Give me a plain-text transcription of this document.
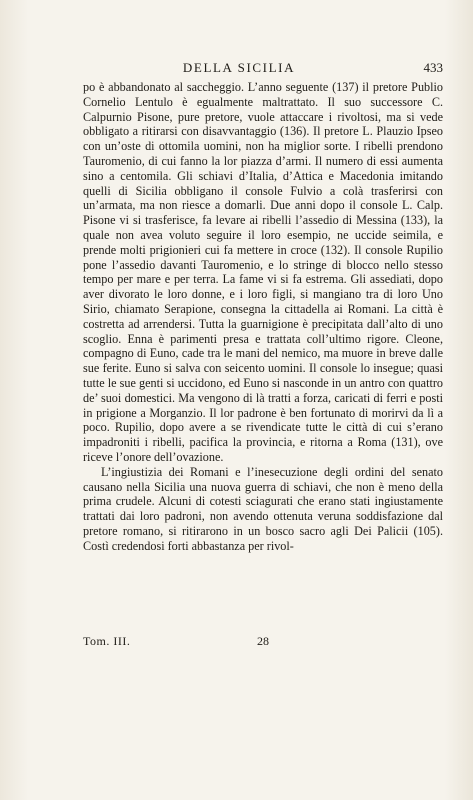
DELLA SICILIA	433

po è abbandonato al saccheggio. L’anno seguente (137) il pretore Publio Cornelio Lentulo è egualmente maltrattato. Il suo successore C. Calpurnio Pisone, pure pretore, vuole attaccare i rivoltosi, ma si vede obbligato a ritirarsi con disavvantaggio (136). Il pretore L. Plauzio Ipseo con un’oste di ottomila uomini, non ha miglior sorte. I ribelli prendono Tauromenio, di cui fanno la lor piazza d’armi. Il numero di essi aumenta sino a centomila. Gli schiavi d’Italia, d’Attica e Macedonia imitando quelli di Sicilia obbligano il console Fulvio a colà trasferirsi con un’armata, ma non riesce a domarli. Due anni dopo il console L. Calp. Pisone vi si trasferisce, fa levare ai ribelli l’assedio di Messina (133), la quale non avea voluto seguire il loro esempio, ne uccide seimila, e prende molti prigionieri cui fa mettere in croce (132). Il console Rupilio pone l’assedio davanti Tauromenio, e lo stringe di blocco nello stesso tempo per mare e per terra. La fame vi si fa estrema. Gli assediati, dopo aver divorato le loro donne, e i loro figli, si mangiano tra di loro Uno Sirio, chiamato Serapione, consegna la cittadella ai Romani. La città è costretta ad arrendersi. Tutta la guarnigione è precipitata dall’alto di uno scoglio. Enna è parimenti presa e trattata coll’ultimo rigore. Cleone, compagno di Euno, cade tra le mani del nemico, ma muore in breve dalle sue ferite. Euno si salva con seicento uomini. Il console lo insegue; quasi tutte le sue genti si uccidono, ed Euno si nasconde in un antro con quattro de’ suoi domestici. Ma vengono di là tratti a forza, caricati di ferri e posti in prigione a Morganzio. Il lor padrone è ben fortunato di morirvi da lì a poco. Rupilio, dopo avere a se rivendicate tutte le città di cui s’erano impadroniti i ribelli, pacifica la provincia, e ritorna a Roma (131), ove riceve l’onore dell’ovazione.

L’ingiustizia dei Romani e l’inesecuzione degli ordini del senato causano nella Sicilia una nuova guerra di schiavi, che non è meno della prima crudele. Alcuni di cotesti sciagurati che erano stati ingiustamente trattati dai loro padroni, non avendo ottenuta veruna soddisfazione dal pretore romano, si ritirarono in un bosco sacro agli Dei Palicii (105). Costì credendosi forti abbastanza per rivol-

Tom. III.	28
